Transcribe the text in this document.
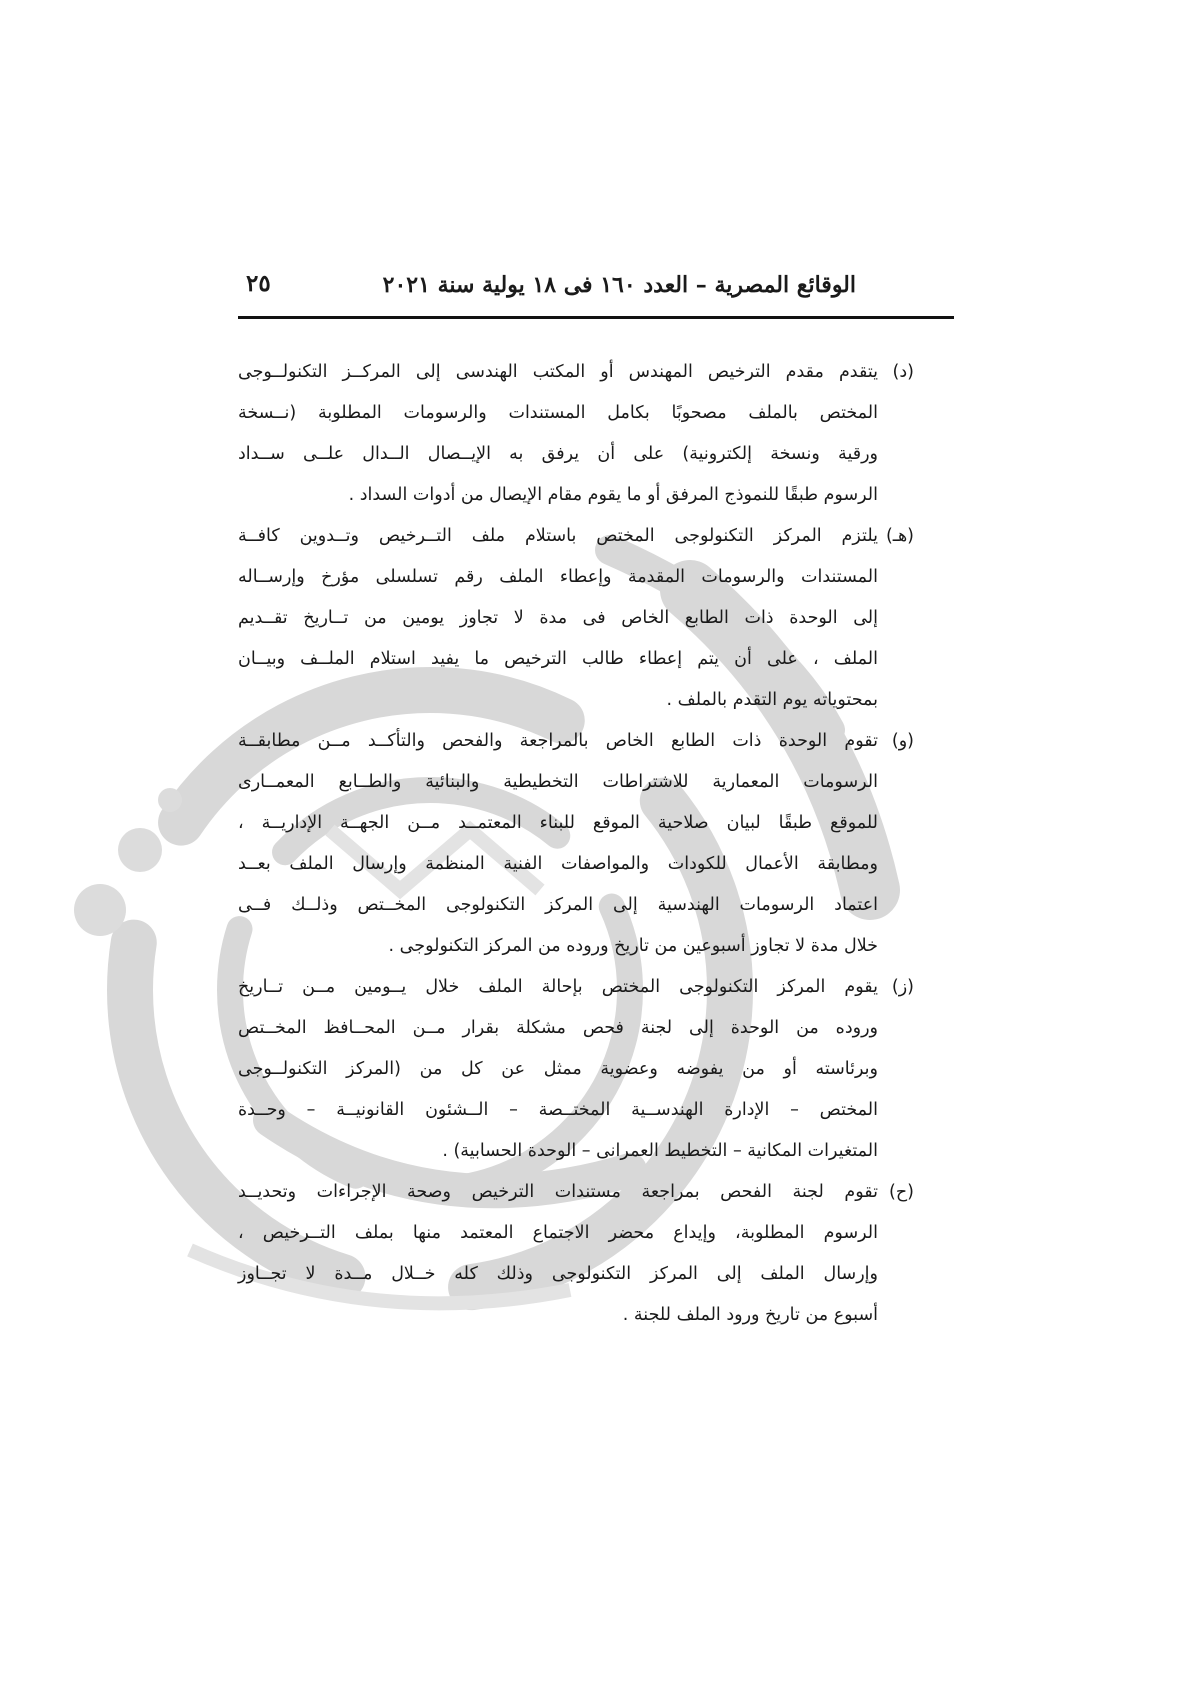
الوقائع المصرية – العدد ١٦٠ فى ١٨ يولية سنة ٢٠٢١
٢٥
(د)يتقدم مقدم الترخيص المهندس أو المكتب الهندسى إلى المركــز التكنولــوجى
المختص بالملف مصحوبًا بكامل المستندات والرسومات المطلوبة (نــسخة
ورقية ونسخة إلكترونية) على أن يرفق به الإيــصال الــدال علــى ســداد
الرسوم طبقًا للنموذج المرفق أو ما يقوم مقام الإيصال من أدوات السداد .
(هـ)يلتزم المركز التكنولوجى المختص باستلام ملف التــرخيص وتــدوين كافــة
المستندات والرسومات المقدمة وإعطاء الملف رقم تسلسلى مؤرخ وإرســاله
إلى الوحدة ذات الطابع الخاص فى مدة لا تجاوز يومين من تــاريخ تقــديم
الملف ، على أن يتم إعطاء طالب الترخيص ما يفيد استلام الملــف وبيــان
بمحتوياته يوم التقدم بالملف .
(و)تقوم الوحدة ذات الطابع الخاص بالمراجعة والفحص والتأكــد مــن مطابقــة
الرسومات المعمارية للاشتراطات التخطيطية والبنائية والطــابع المعمــارى
للموقع طبقًا لبيان صلاحية الموقع للبناء المعتمــد مــن الجهــة الإداريــة ،
ومطابقة الأعمال للكودات والمواصفات الفنية المنظمة وإرسال الملف بعــد
اعتماد الرسومات الهندسية إلى المركز التكنولوجى المخــتص وذلــك فــى
خلال مدة لا تجاوز أسبوعين من تاريخ وروده من المركز التكنولوجى .
(ز)يقوم المركز التكنولوجى المختص بإحالة الملف خلال يــومين مــن تــاريخ
وروده من الوحدة إلى لجنة فحص مشكلة بقرار مــن المحــافظ المخــتص
وبرئاسته أو من يفوضه وعضوية ممثل عن كل من (المركز التكنولــوجى
المختص – الإدارة الهندســية المختــصة – الــشئون القانونيــة – وحــدة
المتغيرات المكانية – التخطيط العمرانى – الوحدة الحسابية) .
(ح)تقوم لجنة الفحص بمراجعة مستندات الترخيص وصحة الإجراءات وتحديــد
الرسوم المطلوبة، وإيداع محضر الاجتماع المعتمد منها بملف التــرخيص ،
وإرسال الملف إلى المركز التكنولوجى وذلك كله خــلال مــدة لا تجــاوز
أسبوع من تاريخ ورود الملف للجنة .
